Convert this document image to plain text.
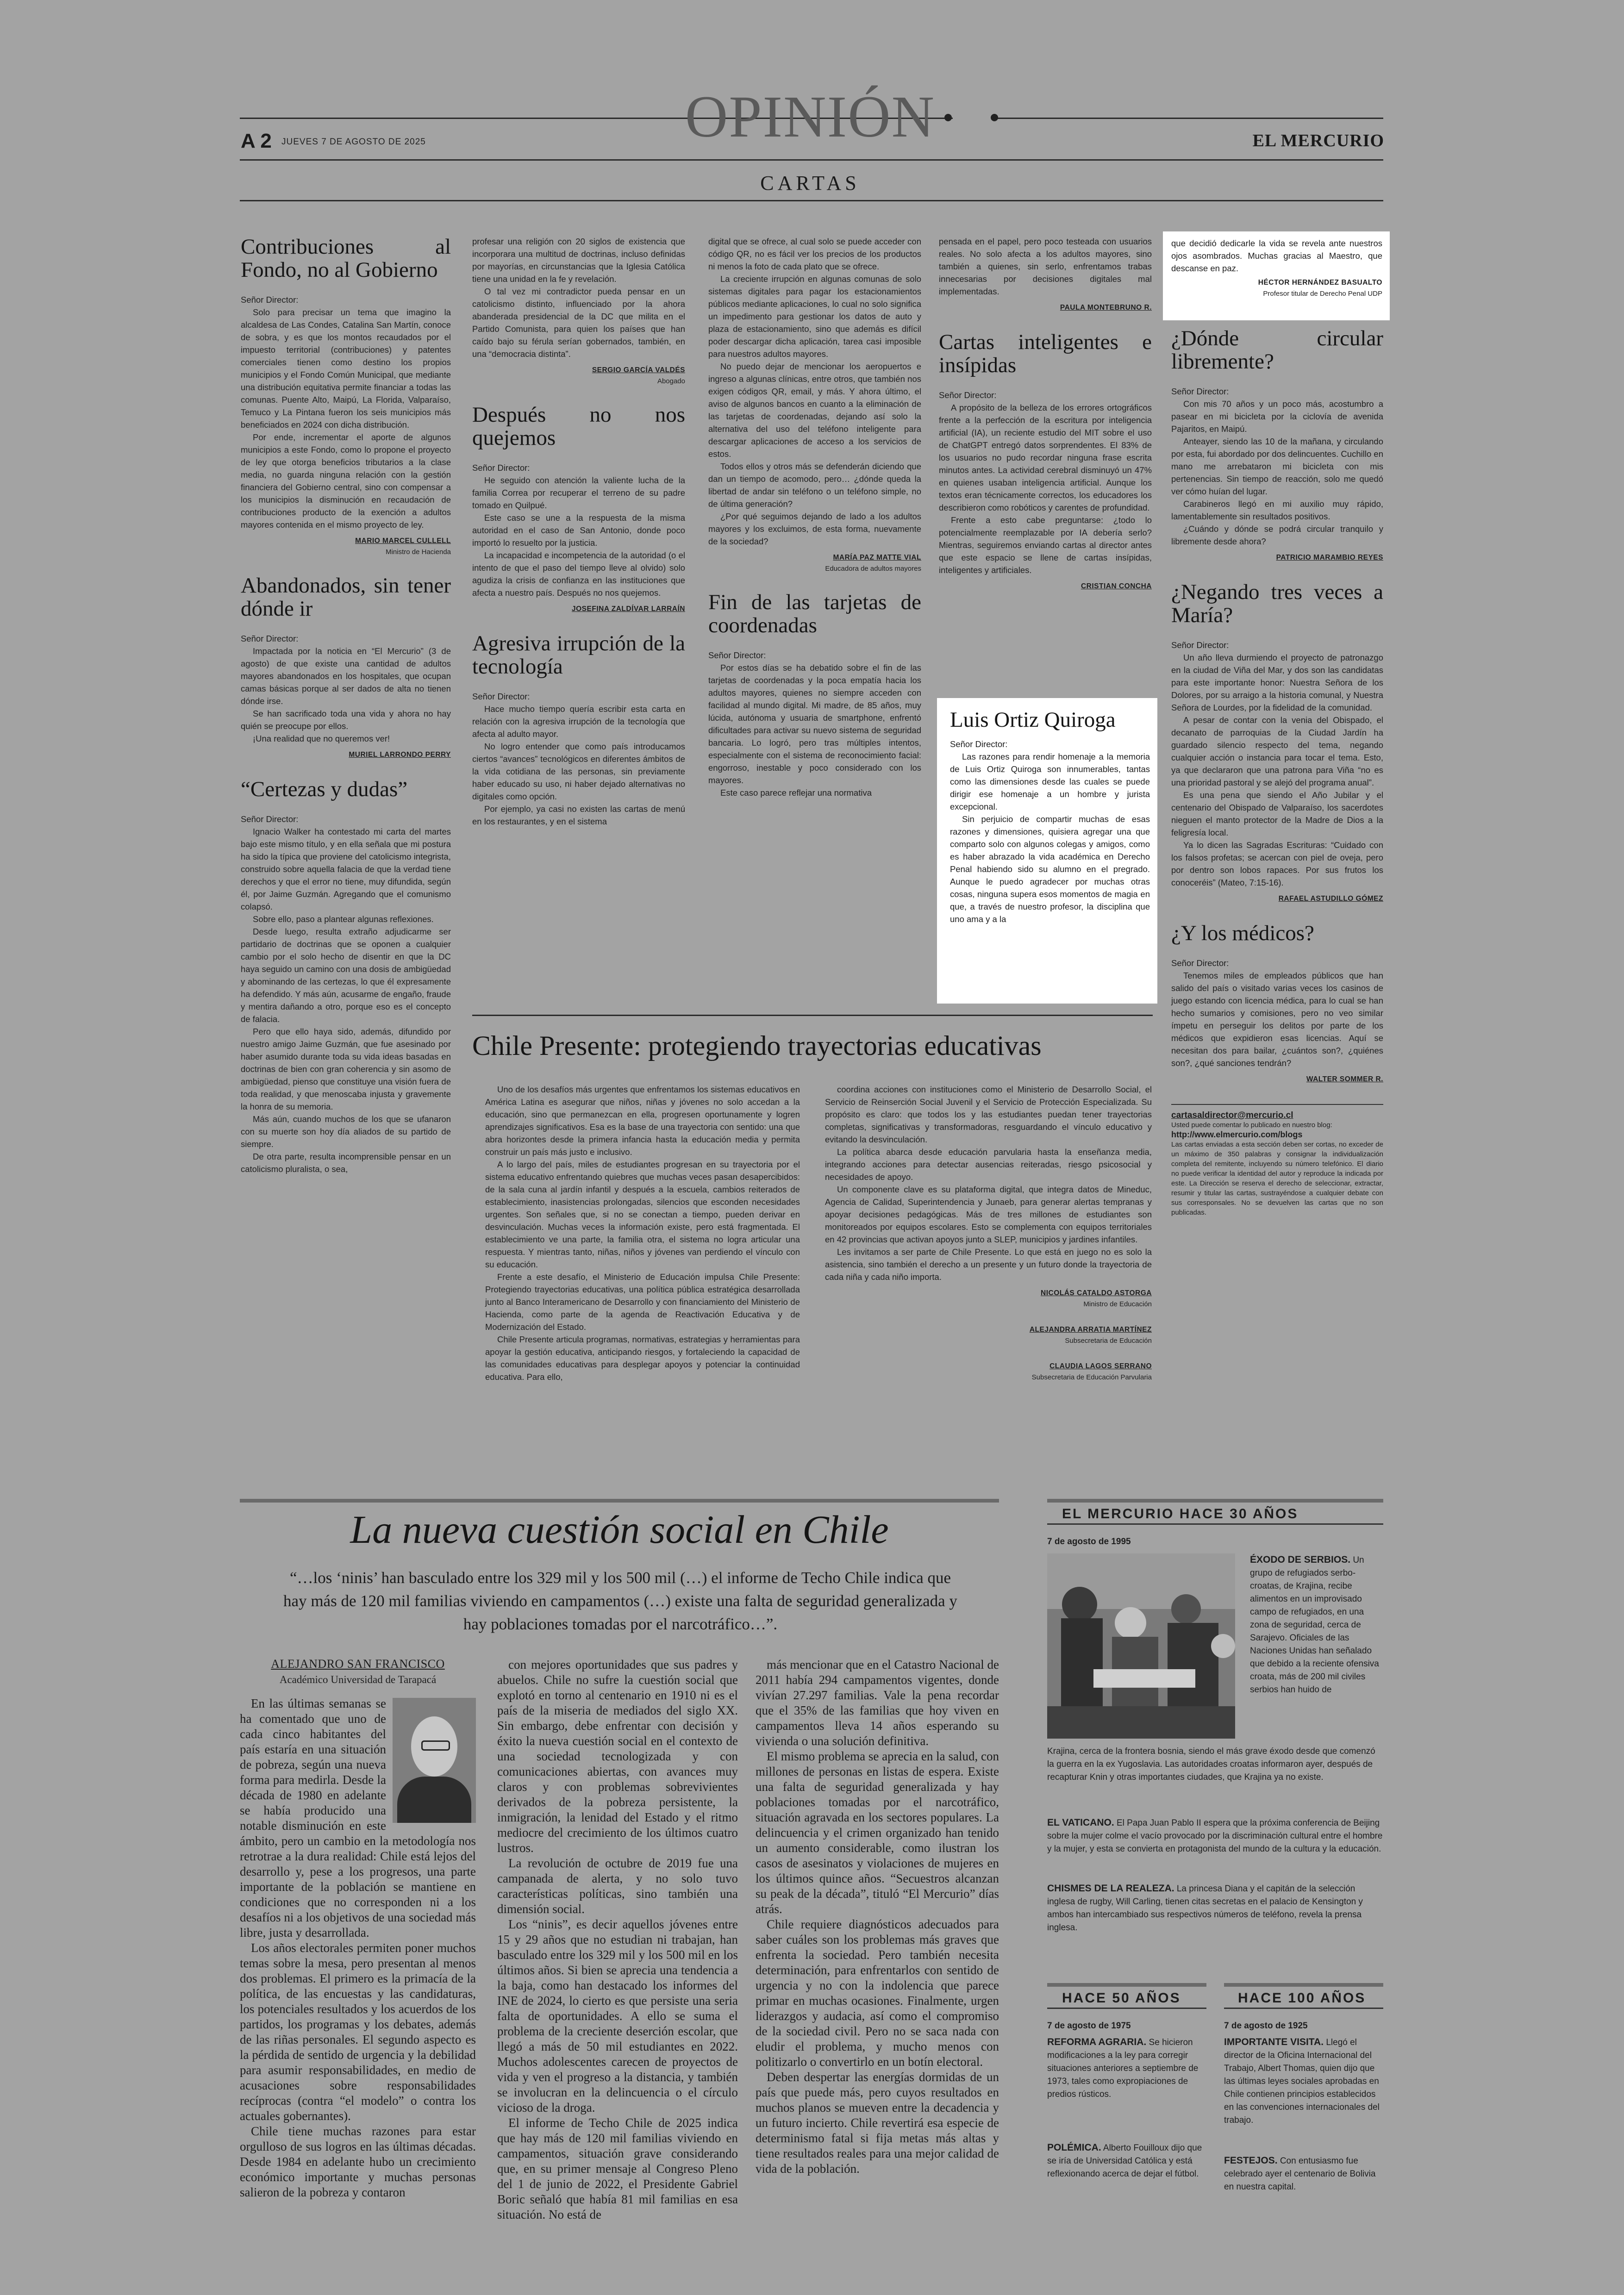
OPINIÓN
A 2 JUEVES 7 DE AGOSTO DE 2025	EL MERCURIO
CARTAS
Contribuciones al Fondo, no al Gobierno

Señor Director:

Solo para precisar un tema que imagino la alcaldesa de Las Condes, Catalina San Martín, conoce de sobra, y es que los montos recaudados por el impuesto territorial (contribuciones) y patentes comerciales tienen como destino los propios municipios y el Fondo Común Municipal, que mediante una distribución equitativa permite financiar a todas las comunas. Puente Alto, Maipú, La Florida, Valparaíso, Temuco y La Pintana fueron los seis municipios más beneficiados en 2024 con dicha distribución.

Por ende, incrementar el aporte de algunos municipios a este Fondo, como lo propone el proyecto de ley que otorga beneficios tributarios a la clase media, no guarda ninguna relación con la gestión financiera del Gobierno central, sino con compensar a los municipios la disminución en recaudación de contribuciones producto de la exención a adultos mayores contenida en el mismo proyecto de ley.

MARIO MARCEL CULLELL
Ministro de Hacienda
Abandonados, sin tener dónde ir

Señor Director:

Impactada por la noticia en “El Mercurio” (3 de agosto) de que existe una cantidad de adultos mayores abandonados en los hospitales, que ocupan camas básicas porque al ser dados de alta no tienen dónde irse.

Se han sacrificado toda una vida y ahora no hay quién se preocupe por ellos.

¡Una realidad que no queremos ver!

MURIEL LARRONDO PERRY
“Certezas y dudas”

Señor Director:

Ignacio Walker ha contestado mi carta del martes bajo este mismo título, y en ella señala que mi postura ha sido la típica que proviene del catolicismo integrista, construido sobre aquella falacia de que la verdad tiene derechos y que el error no tiene, muy difundida, según él, por Jaime Guzmán. Agregando que el comunismo colapsó.

Sobre ello, paso a plantear algunas reflexiones.

Desde luego, resulta extraño adjudicarme ser partidario de doctrinas que se oponen a cualquier cambio por el solo hecho de disentir en que la DC haya seguido un camino con una dosis de ambigüedad y abominando de las certezas, lo que él expresamente ha defendido. Y más aún, acusarme de engaño, fraude y mentira dañando a otro, porque eso es el concepto de falacia.

Pero que ello haya sido, además, difundido por nuestro amigo Jaime Guzmán, que fue asesinado por haber asumido durante toda su vida ideas basadas en doctrinas de bien con gran coherencia y sin asomo de ambigüedad, pienso que constituye una visión fuera de toda realidad, y que menoscaba injusta y gravemente la honra de su memoria.

Más aún, cuando muchos de los que se ufanaron con su muerte son hoy día aliados de su partido de siempre.

De otra parte, resulta incomprensible pensar en un catolicismo pluralista, o sea,

profesar una religión con 20 siglos de existencia que incorporara una multitud de doctrinas, incluso definidas por mayorías, en circunstancias que la Iglesia Católica tiene una unidad en la fe y revelación.

O tal vez mi contradictor pueda pensar en un catolicismo distinto, influenciado por la ahora abanderada presidencial de la DC que milita en el Partido Comunista, para quien los países que han caído bajo su férula serían gobernados, también, en una “democracia distinta”.

SERGIO GARCÍA VALDÉS
Abogado
Después no nos quejemos

Señor Director:

He seguido con atención la valiente lucha de la familia Correa por recuperar el terreno de su padre tomado en Quilpué.

Este caso se une a la respuesta de la misma autoridad en el caso de San Antonio, donde poco importó lo resuelto por la justicia.

La incapacidad e incompetencia de la autoridad (o el intento de que el paso del tiempo lleve al olvido) solo agudiza la crisis de confianza en las instituciones que afecta a nuestro país. Después no nos quejemos.

JOSEFINA ZALDÍVAR LARRAÍN
Agresiva irrupción de la tecnología

Señor Director:

Hace mucho tiempo quería escribir esta carta en relación con la agresiva irrupción de la tecnología que afecta al adulto mayor.

No logro entender que como país introducamos ciertos “avances” tecnológicos en diferentes ámbitos de la vida cotidiana de las personas, sin previamente haber educado su uso, ni haber dejado alternativas no digitales como opción.

Por ejemplo, ya casi no existen las cartas de menú en los restaurantes, y en el sistema

digital que se ofrece, al cual solo se puede acceder con código QR, no es fácil ver los precios de los productos ni menos la foto de cada plato que se ofrece.

La creciente irrupción en algunas comunas de solo sistemas digitales para pagar los estacionamientos públicos mediante aplicaciones, lo cual no solo significa un impedimento para gestionar los datos de auto y plaza de estacionamiento, sino que además es difícil poder descargar dicha aplicación, tarea casi imposible para nuestros adultos mayores.

No puedo dejar de mencionar los aeropuertos e ingreso a algunas clínicas, entre otros, que también nos exigen códigos QR, email, y más. Y ahora último, el aviso de algunos bancos en cuanto a la eliminación de las tarjetas de coordenadas, dejando así solo la alternativa del uso del teléfono inteligente para descargar aplicaciones de acceso a los servicios de estos.

Todos ellos y otros más se defenderán diciendo que dan un tiempo de acomodo, pero… ¿dónde queda la libertad de andar sin teléfono o un teléfono simple, no de última generación?

¿Por qué seguimos dejando de lado a los adultos mayores y los excluimos, de esta forma, nuevamente de la sociedad?

MARÍA PAZ MATTE VIAL
Educadora de adultos mayores
Fin de las tarjetas de coordenadas

Señor Director:

Por estos días se ha debatido sobre el fin de las tarjetas de coordenadas y la poca empatía hacia los adultos mayores, quienes no siempre acceden con facilidad al mundo digital. Mi madre, de 85 años, muy lúcida, autónoma y usuaria de smartphone, enfrentó dificultades para activar su nuevo sistema de seguridad bancaria. Lo logró, pero tras múltiples intentos, especialmente con el sistema de reconocimiento facial: engorroso, inestable y poco considerado con los mayores.

Este caso parece reflejar una normativa

pensada en el papel, pero poco testeada con usuarios reales. No solo afecta a los adultos mayores, sino también a quienes, sin serlo, enfrentamos trabas innecesarias por decisiones digitales mal implementadas.

PAULA MONTEBRUNO R.
Cartas inteligentes e insípidas

Señor Director:

A propósito de la belleza de los errores ortográficos frente a la perfección de la escritura por inteligencia artificial (IA), un reciente estudio del MIT sobre el uso de ChatGPT entregó datos sorprendentes. El 83% de los usuarios no pudo recordar ninguna frase escrita minutos antes. La actividad cerebral disminuyó un 47% en quienes usaban inteligencia artificial. Aunque los textos eran técnicamente correctos, los educadores los describieron como robóticos y carentes de profundidad.

Frente a esto cabe preguntarse: ¿todo lo potencialmente reemplazable por IA debería serlo? Mientras, seguiremos enviando cartas al director antes que este espacio se llene de cartas insípidas, inteligentes y artificiales.

CRISTIAN CONCHA
Luis Ortiz Quiroga

Señor Director:

Las razones para rendir homenaje a la memoria de Luis Ortiz Quiroga son innumerables, tantas como las dimensiones desde las cuales se puede dirigir ese homenaje a un hombre y jurista excepcional.

Sin perjuicio de compartir muchas de esas razones y dimensiones, quisiera agregar una que comparto solo con algunos colegas y amigos, como es haber abrazado la vida académica en Derecho Penal habiendo sido su alumno en el pregrado. Aunque le puedo agradecer por muchas otras cosas, ninguna supera esos momentos de magia en que, a través de nuestro profesor, la disciplina que uno ama y a la

que decidió dedicarle la vida se revela ante nuestros ojos asombrados. Muchas gracias al Maestro, que descanse en paz.

HÉCTOR HERNÁNDEZ BASUALTO
Profesor titular de Derecho Penal UDP
¿Dónde circular libremente?

Señor Director:

Con mis 70 años y un poco más, acostumbro a pasear en mi bicicleta por la ciclovía de avenida Pajaritos, en Maipú.

Anteayer, siendo las 10 de la mañana, y circulando por esta, fui abordado por dos delincuentes. Cuchillo en mano me arrebataron mi bicicleta con mis pertenencias. Sin tiempo de reacción, solo me quedó ver cómo huían del lugar.

Carabineros llegó en mi auxilio muy rápido, lamentablemente sin resultados positivos.

¿Cuándo y dónde se podrá circular tranquilo y libremente desde ahora?

PATRICIO MARAMBIO REYES
¿Negando tres veces a María?

Señor Director:

Un año lleva durmiendo el proyecto de patronazgo en la ciudad de Viña del Mar, y dos son las candidatas para este importante honor: Nuestra Señora de los Dolores, por su arraigo a la historia comunal, y Nuestra Señora de Lourdes, por la fidelidad de la comunidad.

A pesar de contar con la venia del Obispado, el decanato de parroquias de la Ciudad Jardín ha guardado silencio respecto del tema, negando cualquier acción o instancia para tocar el tema. Esto, ya que declararon que una patrona para Viña “no es una prioridad pastoral y se alejó del programa anual”.

Es una pena que siendo el Año Jubilar y el centenario del Obispado de Valparaíso, los sacerdotes nieguen el manto protector de la Madre de Dios a la feligresía local.

Ya lo dicen las Sagradas Escrituras: “Cuidado con los falsos profetas; se acercan con piel de oveja, pero por dentro son lobos rapaces. Por sus frutos los conoceréis” (Mateo, 7:15-16).

RAFAEL ASTUDILLO GÓMEZ
¿Y los médicos?

Señor Director:

Tenemos miles de empleados públicos que han salido del país o visitado varias veces los casinos de juego estando con licencia médica, para lo cual se han hecho sumarios y comisiones, pero no veo similar ímpetu en perseguir los delitos por parte de los médicos que expidieron esas licencias. Aquí se necesitan dos para bailar, ¿cuántos son?, ¿quiénes son?, ¿qué sanciones tendrán?

WALTER SOMMER R.
cartasaldirector@mercurio.cl
Usted puede comentar lo publicado en nuestro blog:
http://www.elmercurio.com/blogs
Las cartas enviadas a esta sección deben ser cortas, no exceder de un máximo de 350 palabras y consignar la individualización completa del remitente, incluyendo su número telefónico. El diario no puede verificar la identidad del autor y reproduce la indicada por este. La Dirección se reserva el derecho de seleccionar, extractar, resumir y titular las cartas, sustrayéndose a cualquier debate con sus corresponsales. No se devuelven las cartas que no son publicadas.
Chile Presente: protegiendo trayectorias educativas

Uno de los desafíos más urgentes que enfrentamos los sistemas educativos en América Latina es asegurar que niños, niñas y jóvenes no solo accedan a la educación, sino que permanezcan en ella, progresen oportunamente y logren aprendizajes significativos. Esa es la base de una trayectoria con sentido: una que abra horizontes desde la primera infancia hasta la educación media y permita construir un país más justo e inclusivo.

A lo largo del país, miles de estudiantes progresan en su trayectoria por el sistema educativo enfrentando quiebres que muchas veces pasan desapercibidos: de la sala cuna al jardín infantil y después a la escuela, cambios reiterados de establecimiento, inasistencias prolongadas, silencios que esconden necesidades urgentes. Son señales que, si no se conectan a tiempo, pueden derivar en desvinculación. Muchas veces la información existe, pero está fragmentada. El establecimiento ve una parte, la familia otra, el sistema no logra articular una respuesta. Y mientras tanto, niñas, niños y jóvenes van perdiendo el vínculo con su educación.

Frente a este desafío, el Ministerio de Educación impulsa Chile Presente: Protegiendo trayectorias educativas, una política pública estratégica desarrollada junto al Banco Interamericano de Desarrollo y con financiamiento del Ministerio de Hacienda, como parte de la agenda de Reactivación Educativa y de Modernización del Estado.

Chile Presente articula programas, normativas, estrategias y herramientas para apoyar la gestión educativa, anticipando riesgos, y fortaleciendo la capacidad de las comunidades educativas para desplegar apoyos y potenciar la continuidad educativa. Para ello,

coordina acciones con instituciones como el Ministerio de Desarrollo Social, el Servicio de Reinserción Social Juvenil y el Servicio de Protección Especializada. Su propósito es claro: que todos los y las estudiantes puedan tener trayectorias completas, significativas y transformadoras, resguardando el vínculo educativo y evitando la desvinculación.

La política abarca desde educación parvularia hasta la enseñanza media, integrando acciones para detectar ausencias reiteradas, riesgo psicosocial y necesidades de apoyo.

Un componente clave es su plataforma digital, que integra datos de Mineduc, Agencia de Calidad, Superintendencia y Junaeb, para generar alertas tempranas y apoyar decisiones pedagógicas. Más de tres millones de estudiantes son monitoreados por equipos escolares. Esto se complementa con equipos territoriales en 42 provincias que activan apoyos junto a SLEP, municipios y jardines infantiles.

Les invitamos a ser parte de Chile Presente. Lo que está en juego no es solo la asistencia, sino también el derecho a un presente y un futuro donde la trayectoria de cada niña y cada niño importa.

NICOLÁS CATALDO ASTORGA
Ministro de Educación
ALEJANDRA ARRATIA MARTÍNEZ
Subsecretaria de Educación
CLAUDIA LAGOS SERRANO
Subsecretaria de Educación Parvularia
La nueva cuestión social en Chile
“…los ‘ninis’ han basculado entre los 329 mil y los 500 mil (…) el informe de Techo Chile indica que hay más de 120 mil familias viviendo en campamentos (…) existe una falta de seguridad generalizada y hay poblaciones tomadas por el narcotráfico…”.
ALEJANDRO SAN FRANCISCO
Académico Universidad de Tarapacá

En las últimas semanas se ha comentado que uno de cada cinco habitantes del país estaría en una situación de pobreza, según una nueva forma para medirla. Desde la década de 1980 en adelante se había producido una notable disminución en este ámbito, pero un cambio en la metodología nos retrotrae a la dura realidad: Chile está lejos del desarrollo y, pese a los progresos, una parte importante de la población se mantiene en condiciones que no corresponden ni a los desafíos ni a los objetivos de una sociedad más libre, justa y desarrollada.

Los años electorales permiten poner muchos temas sobre la mesa, pero presentan al menos dos problemas. El primero es la primacía de la política, de las encuestas y las candidaturas, los potenciales resultados y los acuerdos de los partidos, los programas y los debates, además de las riñas personales. El segundo aspecto es la pérdida de sentido de urgencia y la debilidad para asumir responsabilidades, en medio de acusaciones sobre responsabilidades recíprocas (contra “el modelo” o contra los actuales gobernantes).

Chile tiene muchas razones para estar orgulloso de sus logros en las últimas décadas. Desde 1984 en adelante hubo un crecimiento económico importante y muchas personas salieron de la pobreza y contaron

con mejores oportunidades que sus padres y abuelos. Chile no sufre la cuestión social que explotó en torno al centenario en 1910 ni es el país de la miseria de mediados del siglo XX. Sin embargo, debe enfrentar con decisión y éxito la nueva cuestión social en el contexto de una sociedad tecnologizada y con comunicaciones abiertas, con avances muy claros y con problemas sobrevivientes derivados de la pobreza persistente, la inmigración, la lenidad del Estado y el ritmo mediocre del crecimiento de los últimos cuatro lustros.

La revolución de octubre de 2019 fue una campanada de alerta, y no solo tuvo características políticas, sino también una dimensión social.

Los “ninis”, es decir aquellos jóvenes entre 15 y 29 años que no estudian ni trabajan, han basculado entre los 329 mil y los 500 mil en los últimos años. Si bien se aprecia una tendencia a la baja, como han destacado los informes del INE de 2024, lo cierto es que persiste una seria falta de oportunidades. A ello se suma el problema de la creciente deserción escolar, que llegó a más de 50 mil estudiantes en 2022. Muchos adolescentes carecen de proyectos de vida y ven el progreso a la distancia, y también se involucran en la delincuencia o el círculo vicioso de la droga.

El informe de Techo Chile de 2025 indica que hay más de 120 mil familias viviendo en campamentos, situación grave considerando que, en su primer mensaje al Congreso Pleno del 1 de junio de 2022, el Presidente Gabriel Boric señaló que había 81 mil familias en esa situación. No está de

más mencionar que en el Catastro Nacional de 2011 había 294 campamentos vigentes, donde vivían 27.297 familias. Vale la pena recordar que el 35% de las familias que hoy viven en campamentos lleva 14 años esperando su vivienda o una solución definitiva.

El mismo problema se aprecia en la salud, con millones de personas en listas de espera. Existe una falta de seguridad generalizada y hay poblaciones tomadas por el narcotráfico, situación agravada en los sectores populares. La delincuencia y el crimen organizado han tenido un aumento considerable, como ilustran los casos de asesinatos y violaciones de mujeres en los últimos quince años. “Secuestros alcanzan su peak de la década”, tituló “El Mercurio” días atrás.

Chile requiere diagnósticos adecuados para saber cuáles son los problemas más graves que enfrenta la sociedad. Pero también necesita determinación, para enfrentarlos con sentido de urgencia y no con la indolencia que parece primar en muchas ocasiones. Finalmente, urgen liderazgos y audacia, así como el compromiso de la sociedad civil. Pero no se saca nada con eludir el problema, y mucho menos con politizarlo o convertirlo en un botín electoral.

Deben despertar las energías dormidas de un país que puede más, pero cuyos resultados en muchos planos se mueven entre la decadencia y un futuro incierto. Chile revertirá esa especie de determinismo fatal si fija metas más altas y tiene resultados reales para una mejor calidad de vida de la población.

EL MERCURIO HACE 30 AÑOS
7 de agosto de 1995
ÉXODO DE SERBIOS. Un grupo de refugiados serbo-croatas, de Krajina, recibe alimentos en un improvisado campo de refugiados, en una zona de seguridad, cerca de Sarajevo. Oficiales de las Naciones Unidas han señalado que debido a la reciente ofensiva croata, más de 200 mil civiles serbios han huido de
Krajina, cerca de la frontera bosnia, siendo el más grave éxodo desde que comenzó la guerra en la ex Yugoslavia. Las autoridades croatas informaron ayer, después de recapturar Knin y otras importantes ciudades, que Krajina ya no existe.
EL VATICANO. El Papa Juan Pablo II espera que la próxima conferencia de Beijing sobre la mujer colme el vacío provocado por la discriminación cultural entre el hombre y la mujer, y esta se convierta en protagonista del mundo de la cultura y la educación.
CHISMES DE LA REALEZA. La princesa Diana y el capitán de la selección inglesa de rugby, Will Carling, tienen citas secretas en el palacio de Kensington y ambos han intercambiado sus respectivos números de teléfono, revela la prensa inglesa.
HACE 50 AÑOS
7 de agosto de 1975
REFORMA AGRARIA. Se hicieron modificaciones a la ley para corregir situaciones anteriores a septiembre de 1973, tales como expropiaciones de predios rústicos.
POLÉMICA. Alberto Fouilloux dijo que se iría de Universidad Católica y está reflexionando acerca de dejar el fútbol.
HACE 100 AÑOS
7 de agosto de 1925
IMPORTANTE VISITA. Llegó el director de la Oficina Internacional del Trabajo, Albert Thomas, quien dijo que las últimas leyes sociales aprobadas en Chile contienen principios establecidos en las convenciones internacionales del trabajo.
FESTEJOS. Con entusiasmo fue celebrado ayer el centenario de Bolivia en nuestra capital.
